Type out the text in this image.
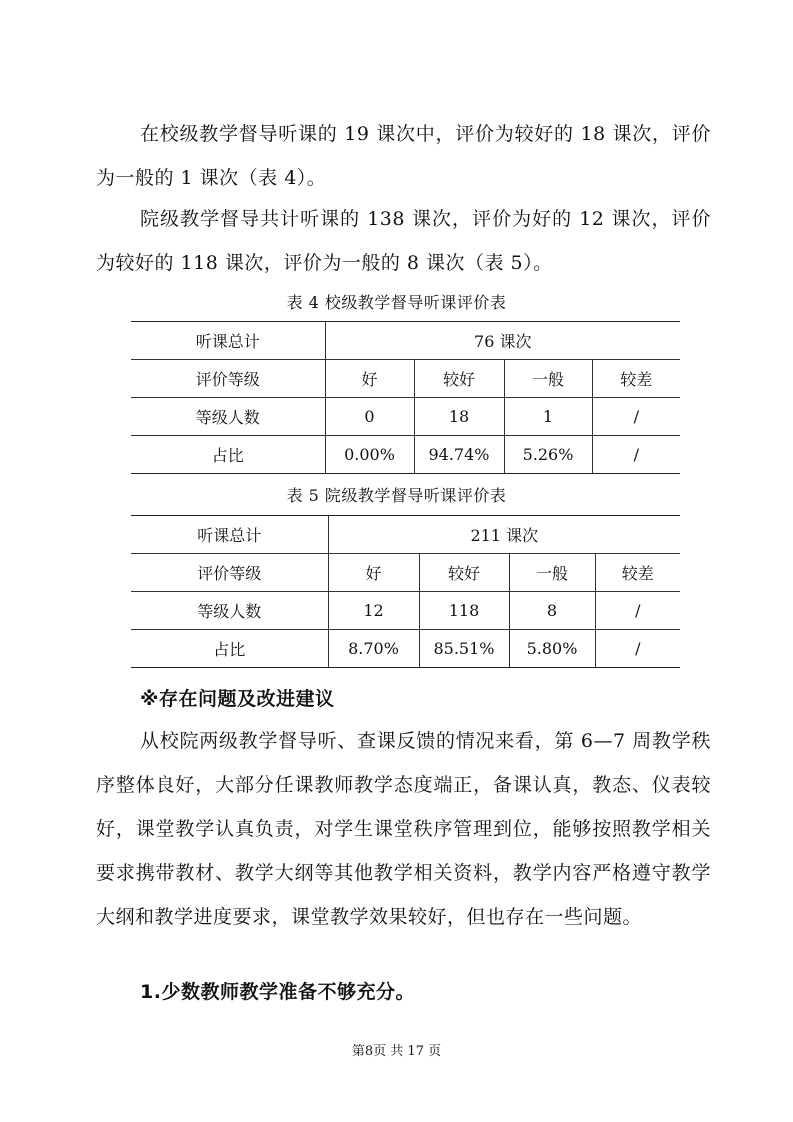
在校级教学督导听课的 19 课次中，评价为较好的 18 课次，评价为一般的 1 课次（表 4）。

院级教学督导共计听课的 138 课次，评价为好的 12 课次，评价为较好的 118 课次，评价为一般的 8 课次（表 5）。

表 4 校级教学督导听课评价表

听课总计	76 课次			
评价等级	好	较好	一般	较差
等级人数	0	18	1	/
占比	0.00%	94.74%	5.26%	/

表 5 院级教学督导听课评价表

听课总计	211 课次			
评价等级	好	较好	一般	较差
等级人数	12	118	8	/
占比	8.70%	85.51%	5.80%	/

※存在问题及改进建议

从校院两级教学督导听、查课反馈的情况来看，第 6—7 周教学秩序整体良好，大部分任课教师教学态度端正，备课认真，教态、仪表较好，课堂教学认真负责，对学生课堂秩序管理到位，能够按照教学相关要求携带教材、教学大纲等其他教学相关资料，教学内容严格遵守教学大纲和教学进度要求，课堂教学效果较好，但也存在一些问题。

1.少数教师教学准备不够充分。

第8页 共 17 页
